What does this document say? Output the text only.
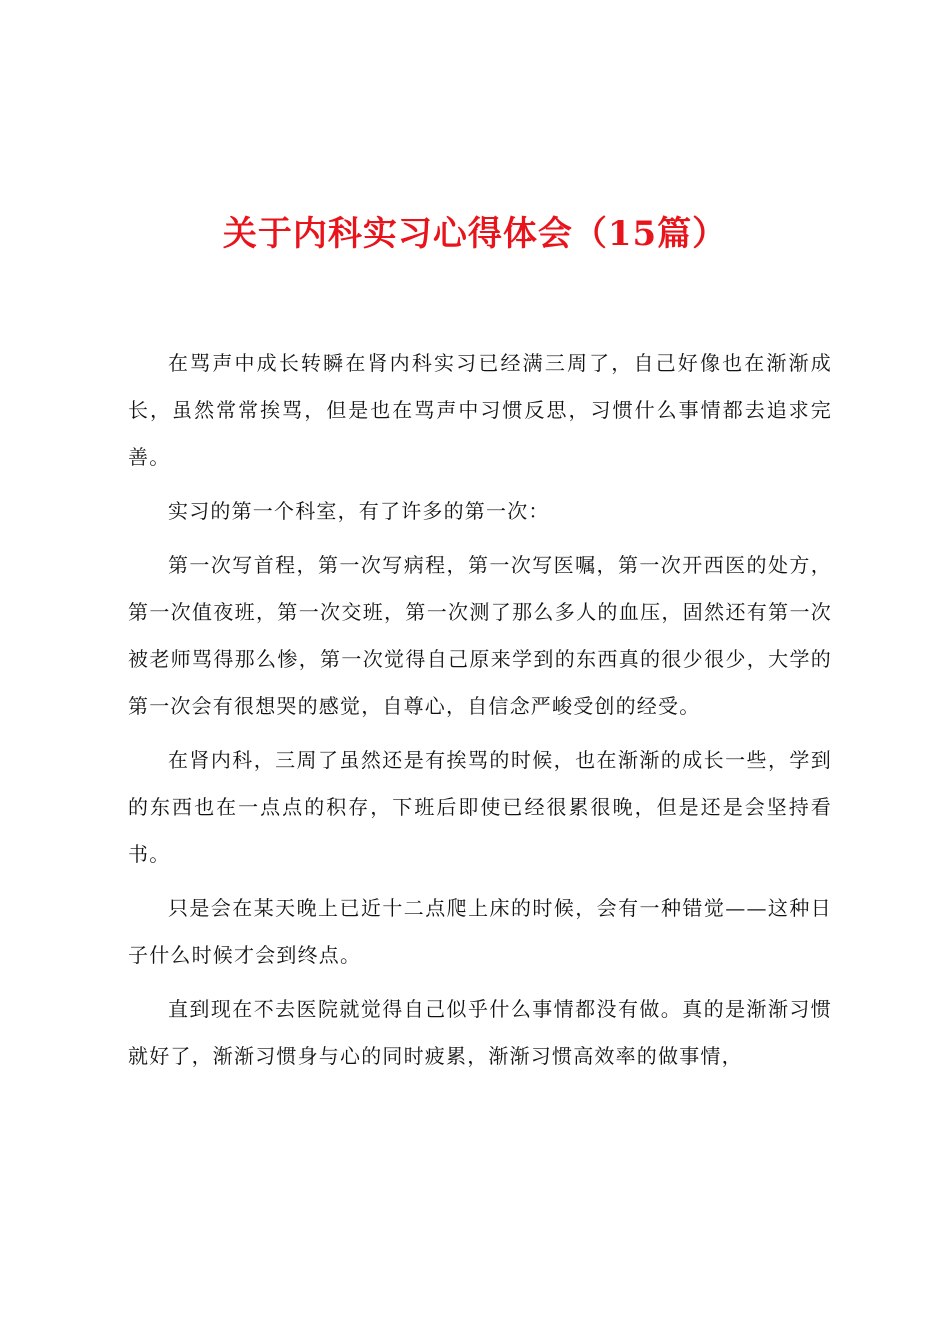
关于内科实习心得体会（15篇）

在骂声中成长转瞬在肾内科实习已经满三周了，自己好像也在渐渐成长，虽然常常挨骂，但是也在骂声中习惯反思，习惯什么事情都去追求完善。

实习的第一个科室，有了许多的第一次：

第一次写首程，第一次写病程，第一次写医嘱，第一次开西医的处方，第一次值夜班，第一次交班，第一次测了那么多人的血压，固然还有第一次被老师骂得那么惨，第一次觉得自己原来学到的东西真的很少很少，大学的第一次会有很想哭的感觉，自尊心，自信念严峻受创的经受。

在肾内科，三周了虽然还是有挨骂的时候，也在渐渐的成长一些，学到的东西也在一点点的积存，下班后即使已经很累很晚，但是还是会坚持看书。

只是会在某天晚上已近十二点爬上床的时候，会有一种错觉——这种日子什么时候才会到终点。

直到现在不去医院就觉得自己似乎什么事情都没有做。真的是渐渐习惯就好了，渐渐习惯身与心的同时疲累，渐渐习惯高效率的做事情，
